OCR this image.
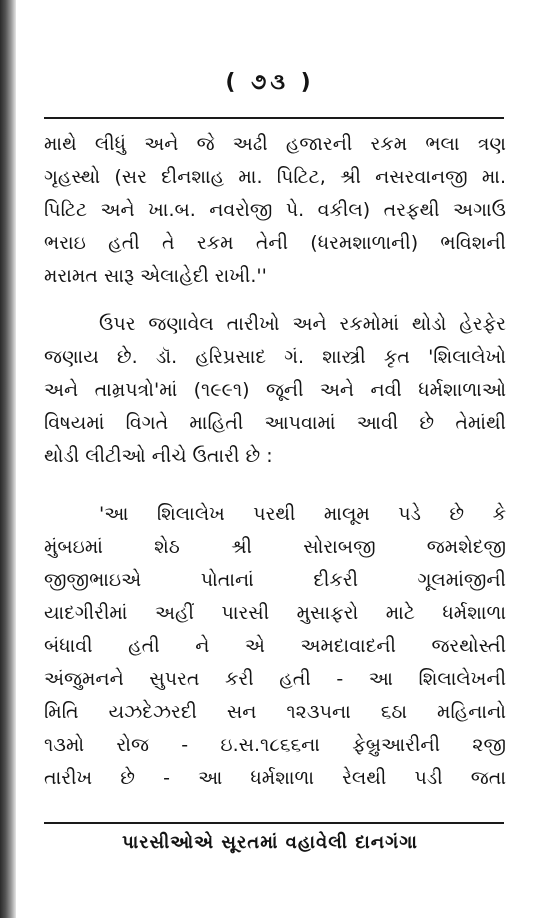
( ૭૩ )
માથે લીધું અને જે અઢી હજારની રકમ ભલા ત્રણ
ગૃહસ્થો (સર દીનશાહ મા. પિટિટ, શ્રી નસરવાનજી મા.
પિટિટ અને ખા.બ. નવરોજી પે. વકીલ) તરફથી અગાઉ
ભરાઇ હતી તે રકમ તેની (ધરમશાળાની) ભવિશની
મરામત સારૂ એલાહેદી રાખી.''
ઉપર જણાવેલ તારીખો અને રકમોમાં થોડો હેરફેર
જણાય છે. ડૉ. હરિપ્રસાદ ગં. શાસ્ત્રી કૃત 'શિલાલેખો
અને તામ્રપત્રો'માં (૧૯૯૧) જૂની અને નવી ધર્મશાળાઓ
વિષયમાં વિગતે માહિતી આપવામાં આવી છે તેમાંથી
થોડી લીટીઓ નીચે ઉતારી છે :
'આ શિલાલેખ પરથી માલૂમ પડે છે કે
મુંબઇમાં શેઠ શ્રી સોરાબજી જમશેદજી
જીજીભાઇએ પોતાનાં દીકરી ગૂલમાંજીની
યાદગીરીમાં અહીં પારસી મુસાફરો માટે ધર્મશાળા
બંધાવી હતી ને એ અમદાવાદની જરથોસ્તી
અંજુમનને સુપરત કરી હતી - આ શિલાલેખની
મિતિ યઝદેઝરદી સન ૧૨૩૫ના ૬ઠા મહિનાનો
૧૩મો રોજ - ઇ.સ.૧૮૬૬ના ફેબ્રુઆરીની ૨જી
તારીખ છે - આ ધર્મશાળા રેલથી પડી જતા
પારસીઓએ સૂરતમાં વહાવેલી દાનગંગા
